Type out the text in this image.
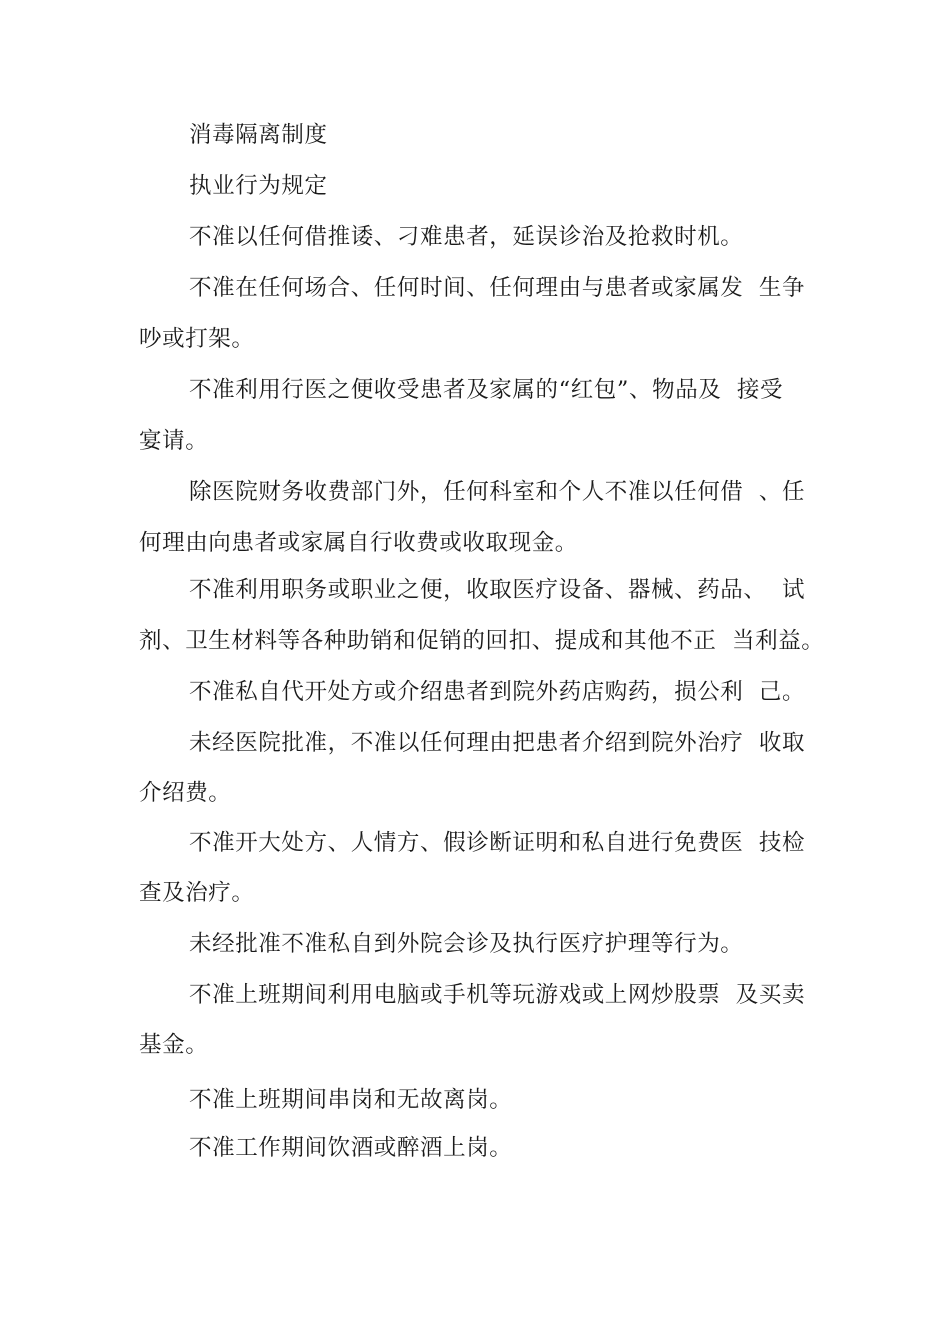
消毒隔离制度
执业行为规定
不准以任何借推诿、刁难患者，延误诊治及抢救时机。
不准在任何场合、任何时间、任何理由与患者或家属发  生争
吵或打架。
不准利用行医之便收受患者及家属的“红包”、物品及  接受
宴请。
除医院财务收费部门外，任何科室和个人不准以任何借  、任
何理由向患者或家属自行收费或收取现金。
不准利用职务或职业之便，收取医疗设备、器械、药品、  试
剂、卫生材料等各种助销和促销的回扣、提成和其他不正  当利益。
不准私自代开处方或介绍患者到院外药店购药，损公利  己。
未经医院批准，不准以任何理由把患者介绍到院外治疗  收取
介绍费。
不准开大处方、人情方、假诊断证明和私自进行免费医  技检
查及治疗。
未经批准不准私自到外院会诊及执行医疗护理等行为。
不准上班期间利用电脑或手机等玩游戏或上网炒股票  及买卖
基金。
不准上班期间串岗和无故离岗。
不准工作期间饮酒或醉酒上岗。
